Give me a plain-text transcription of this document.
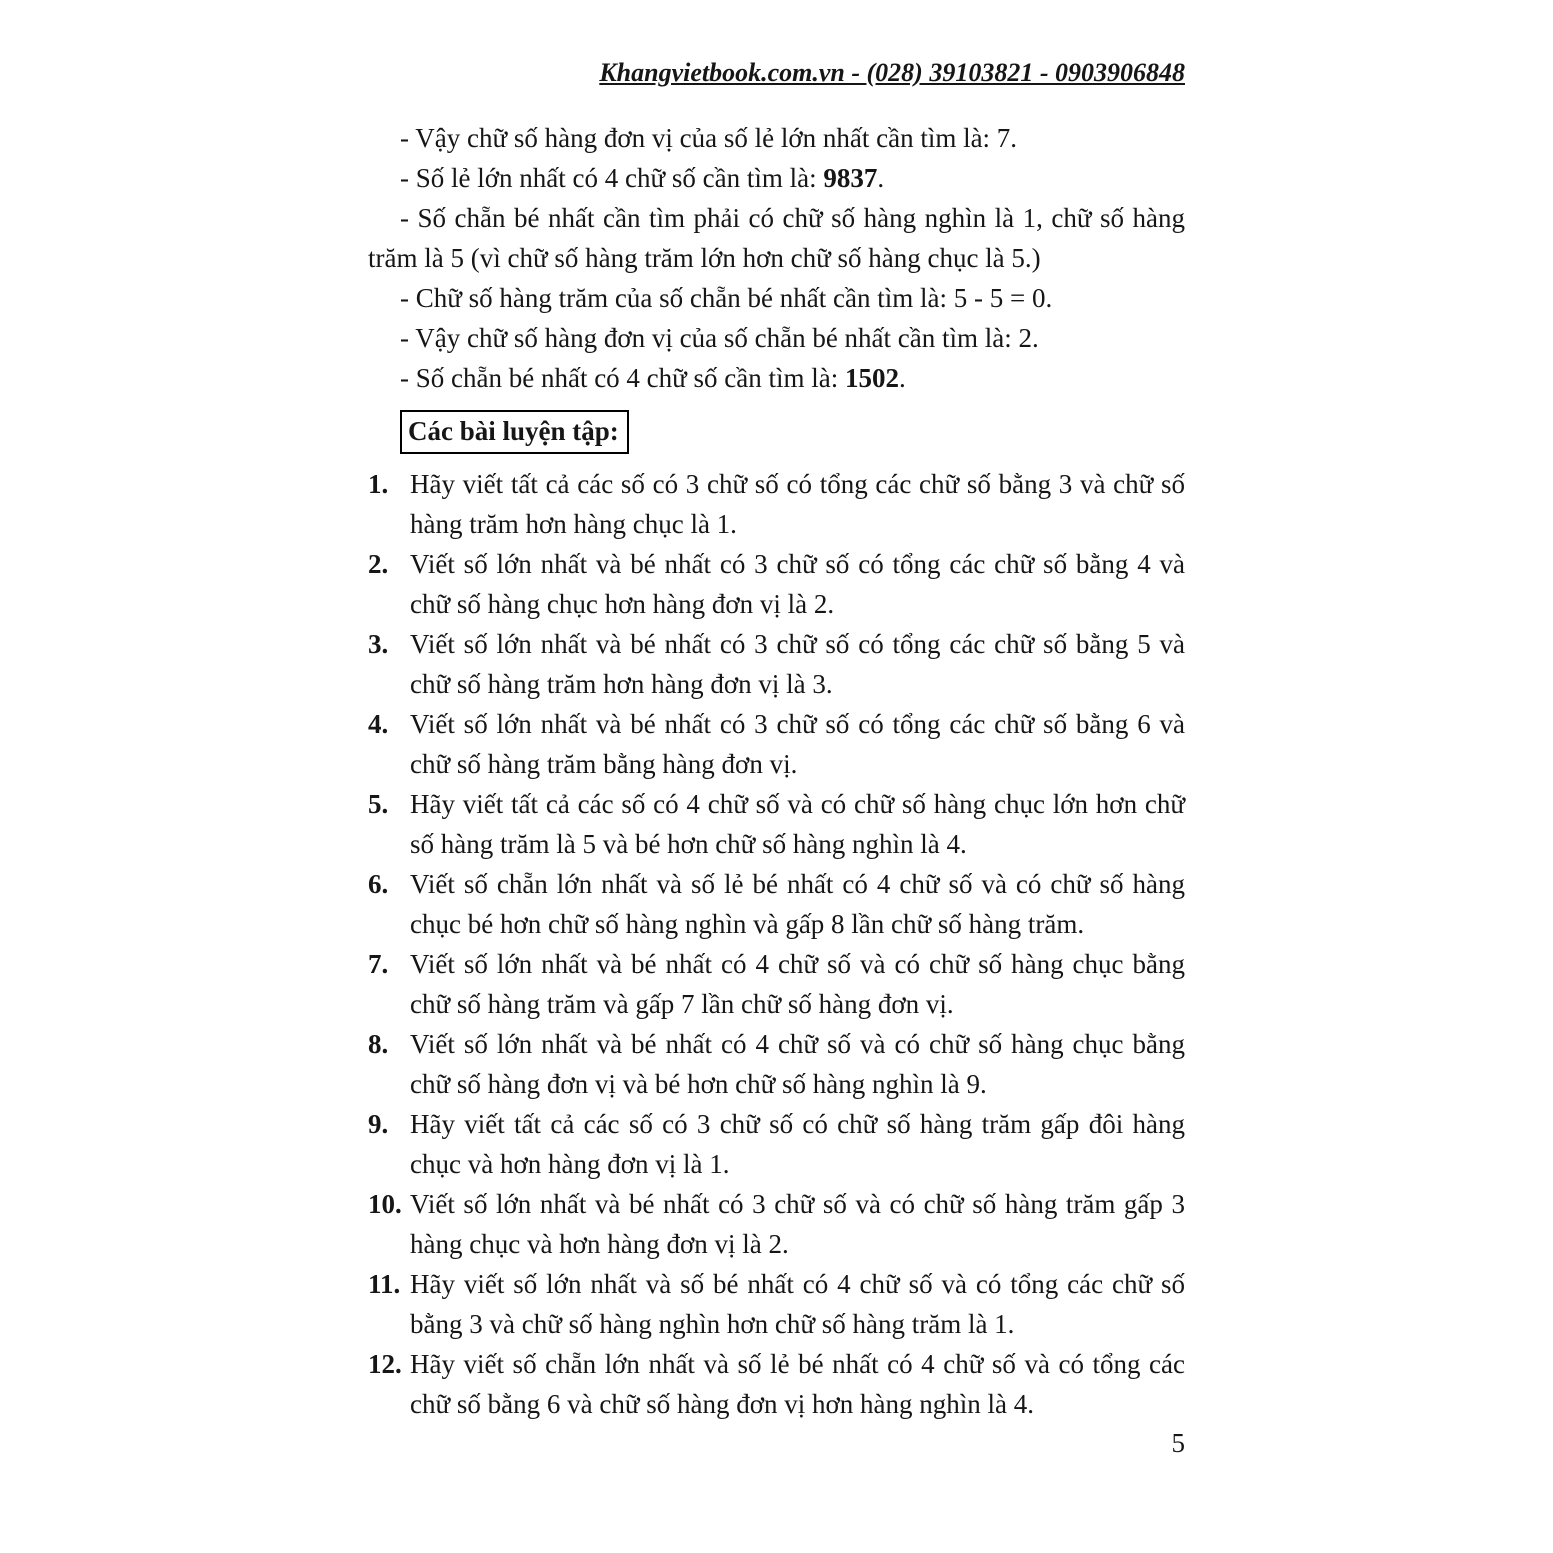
Khangvietbook.com.vn - (028) 39103821 - 0903906848

- Vậy chữ số hàng đơn vị của số lẻ lớn nhất cần tìm là: 7.

- Số lẻ lớn nhất có 4 chữ số cần tìm là: 9837.

- Số chẵn bé nhất cần tìm phải có chữ số hàng nghìn là 1, chữ số hàng trăm là 5 (vì chữ số hàng trăm lớn hơn chữ số hàng chục là 5.)

- Chữ số hàng trăm của số chẵn bé nhất cần tìm là: 5 - 5 = 0.

- Vậy chữ số hàng đơn vị của số chẵn bé nhất cần tìm là: 2.

- Số chẵn bé nhất có 4 chữ số cần tìm là: 1502.

Các bài luyện tập:

1. Hãy viết tất cả các số có 3 chữ số có tổng các chữ số bằng 3 và chữ số hàng trăm hơn hàng chục là 1.

2. Viết số lớn nhất và bé nhất có 3 chữ số có tổng các chữ số bằng 4 và chữ số hàng chục hơn hàng đơn vị là 2.

3. Viết số lớn nhất và bé nhất có 3 chữ số có tổng các chữ số bằng 5 và chữ số hàng trăm hơn hàng đơn vị là 3.

4. Viết số lớn nhất và bé nhất có 3 chữ số có tổng các chữ số bằng 6 và chữ số hàng trăm bằng hàng đơn vị.

5. Hãy viết tất cả các số có 4 chữ số và có chữ số hàng chục lớn hơn chữ số hàng trăm là 5 và bé hơn chữ số hàng nghìn là 4.

6. Viết số chẵn lớn nhất và số lẻ bé nhất có 4 chữ số và có chữ số hàng chục bé hơn chữ số hàng nghìn và gấp 8 lần chữ số hàng trăm.

7. Viết số lớn nhất và bé nhất có 4 chữ số và có chữ số hàng chục bằng chữ số hàng trăm và gấp 7 lần chữ số hàng đơn vị.

8. Viết số lớn nhất và bé nhất có 4 chữ số và có chữ số hàng chục bằng chữ số hàng đơn vị và bé hơn chữ số hàng nghìn là 9.

9. Hãy viết tất cả các số có 3 chữ số có chữ số hàng trăm gấp đôi hàng chục và hơn hàng đơn vị là 1.

10. Viết số lớn nhất và bé nhất có 3 chữ số và có chữ số hàng trăm gấp 3 hàng chục và hơn hàng đơn vị là 2.

11. Hãy viết số lớn nhất và số bé nhất có 4 chữ số và có tổng các chữ số bằng 3 và chữ số hàng nghìn hơn chữ số hàng trăm là 1.

12. Hãy viết số chẵn lớn nhất và số lẻ bé nhất có 4 chữ số và có tổng các chữ số bằng 6 và chữ số hàng đơn vị hơn hàng nghìn là 4.

5
